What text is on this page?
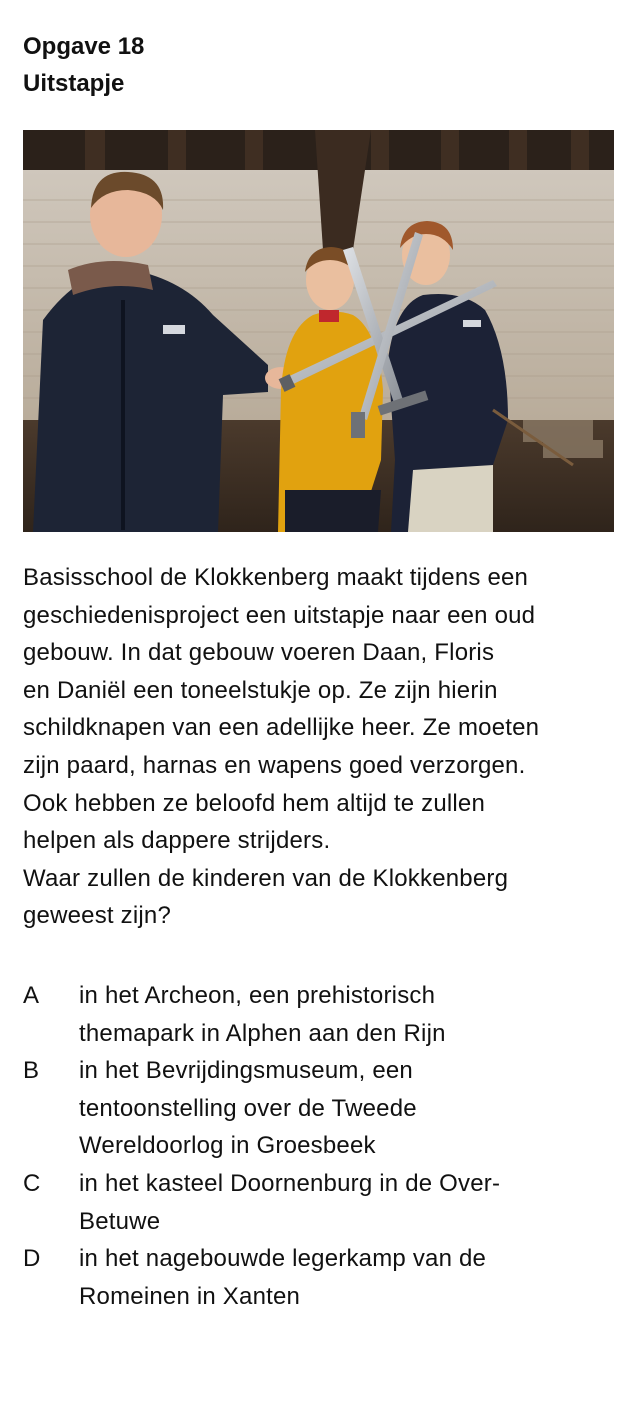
Opgave 18
Uitstapje
Basisschool de Klokkenberg maakt tijdens een
geschiedenisproject een uitstapje naar een oud
gebouw. In dat gebouw voeren Daan, Floris
en Daniël een toneelstukje op. Ze zijn hierin
schildknapen van een adellijke heer. Ze moeten
zijn paard, harnas en wapens goed verzorgen.
Ook hebben ze beloofd hem altijd te zullen
helpen als dappere strijders.
Waar zullen de kinderen van de Klokkenberg
geweest zijn?
A	in het Archeon, een prehistorisch
themapark in Alphen aan den Rijn
B	in het Bevrijdingsmuseum, een
tentoonstelling over de Tweede
Wereldoorlog in Groesbeek
C	in het kasteel Doornenburg in de Over-
Betuwe
D	in het nagebouwde legerkamp van de
Romeinen in Xanten
